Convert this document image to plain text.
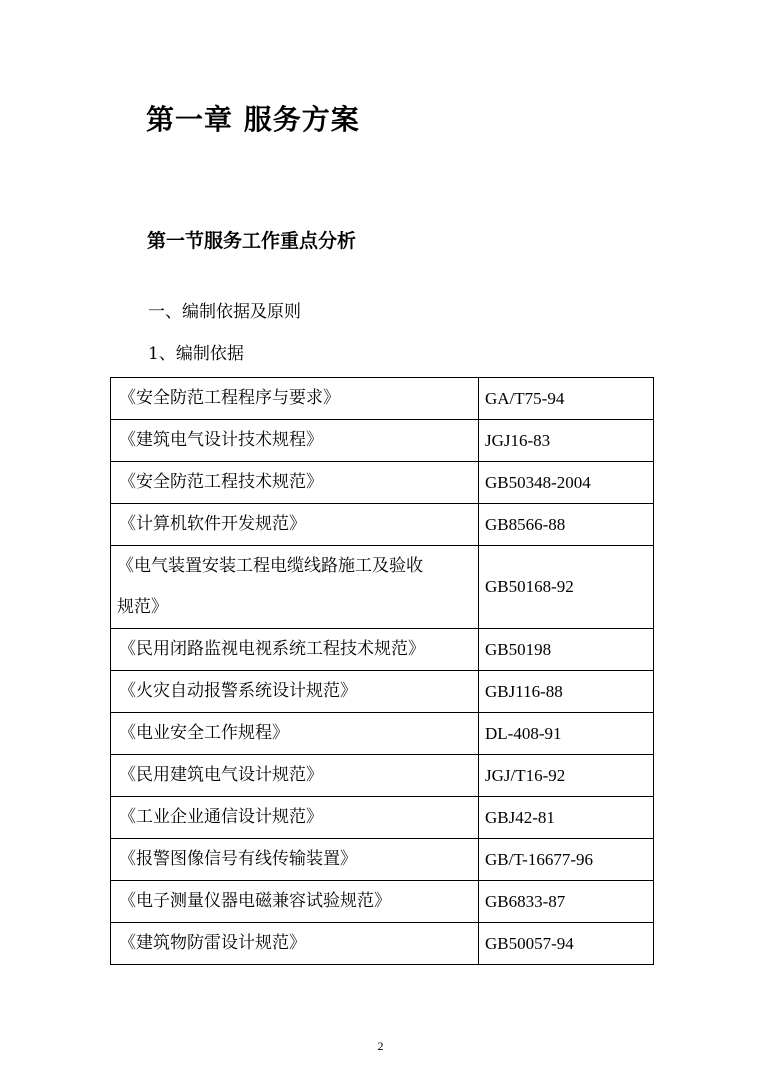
第一章 服务方案
第一节服务工作重点分析

一、编制依据及原则

1、编制依据

《安全防范工程程序与要求》	GA/T75-94
《建筑电气设计技术规程》	JGJ16-83
《安全防范工程技术规范》	GB50348-2004
《计算机软件开发规范》	GB8566-88
《电气装置安装工程电缆线路施工及验收
规范》	GB50168-92
《民用闭路监视电视系统工程技术规范》	GB50198
《火灾自动报警系统设计规范》	GBJ116-88
《电业安全工作规程》	DL-408-91
《民用建筑电气设计规范》	JGJ/T16-92
《工业企业通信设计规范》	GBJ42-81
《报警图像信号有线传输装置》	GB/T-16677-96
《电子测量仪器电磁兼容试验规范》	GB6833-87
《建筑物防雷设计规范》	GB50057-94
2
